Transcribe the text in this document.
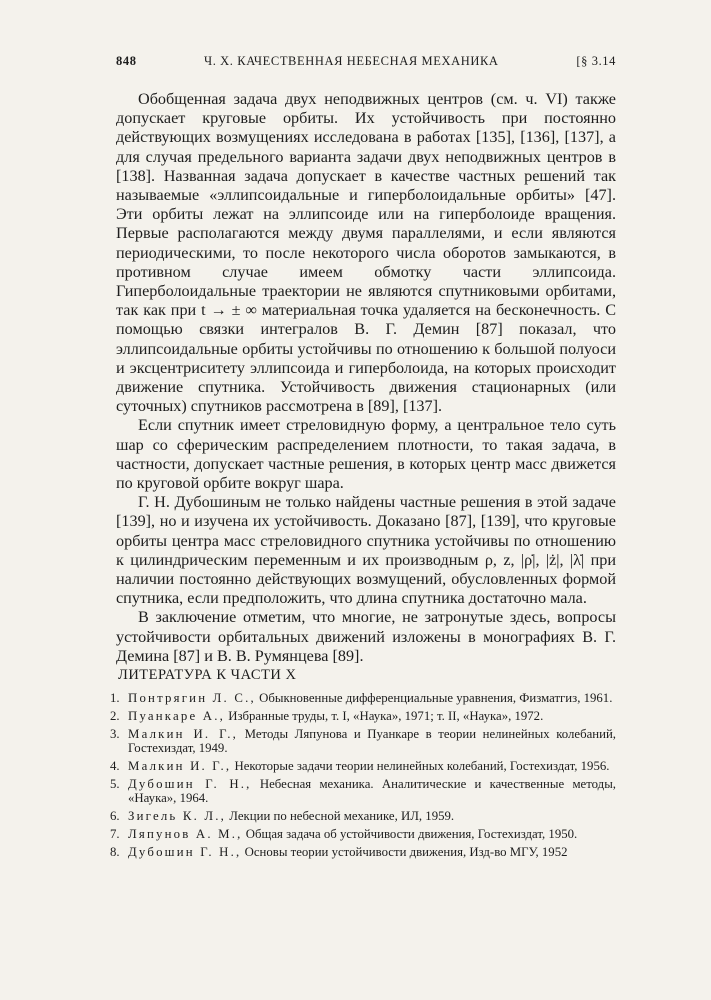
848	Ч. X. КАЧЕСТВЕННАЯ НЕБЕСНАЯ МЕХАНИКА	[§ 3.14

Обобщенная задача двух неподвижных центров (см. ч. VI) также допускает круговые орбиты. Их устойчивость при постоянно действующих возмущениях исследована в работах [135], [136], [137], а для случая предельного варианта задачи двух неподвижных центров в [138]. Названная задача допускает в качестве частных решений так называемые «эллипсоидальные и гиперболоидальные орбиты» [47]. Эти орбиты лежат на эллипсоиде или на гиперболоиде вращения. Первые располагаются между двумя параллелями, и если являются периодическими, то после некоторого числа оборотов замыкаются, в противном случае имеем обмотку части эллипсоида. Гиперболоидальные траектории не являются спутниковыми орбитами, так как при t → ± ∞ материальная точка удаляется на бесконечность. С помощью связки интегралов В. Г. Демин [87] показал, что эллипсоидальные орбиты устойчивы по отношению к большой полуоси и эксцентриситету эллипсоида и гиперболоида, на которых происходит движение спутника. Устойчивость движения стационарных (или суточных) спутников рассмотрена в [89], [137].

Если спутник имеет стреловидную форму, а центральное тело суть шар со сферическим распределением плотности, то такая задача, в частности, допускает частные решения, в которых центр масс движется по круговой орбите вокруг шара.

Г. Н. Дубошиным не только найдены частные решения в этой задаче [139], но и изучена их устойчивость. Доказано [87], [139], что круговые орбиты центра масс стреловидного спутника устойчивы по отношению к цилиндрическим переменным и их производным ρ, z, |ρ̇|, |ż|, |λ̇| при наличии постоянно действующих возмущений, обусловленных формой спутника, если предположить, что длина спутника достаточно мала.

В заключение отметим, что многие, не затронутые здесь, вопросы устойчивости орбитальных движений изложены в монографиях В. Г. Демина [87] и В. В. Румянцева [89].

ЛИТЕРАТУРА К ЧАСТИ X
1. Понтрягин Л. С., Обыкновенные дифференциальные уравнения, Физматгиз, 1961.
2. Пуанкаре А., Избранные труды, т. I, «Наука», 1971; т. II, «Наука», 1972.
3. Малкин И. Г., Методы Ляпунова и Пуанкаре в теории нелинейных колебаний, Гостехиздат, 1949.
4. Малкин И. Г., Некоторые задачи теории нелинейных колебаний, Гостехиздат, 1956.
5. Дубошин Г. Н., Небесная механика. Аналитические и качественные методы, «Наука», 1964.
6. Зигель К. Л., Лекции по небесной механике, ИЛ, 1959.
7. Ляпунов А. М., Общая задача об устойчивости движения, Гостехиздат, 1950.
8. Дубошин Г. Н., Основы теории устойчивости движения, Изд-во МГУ, 1952
